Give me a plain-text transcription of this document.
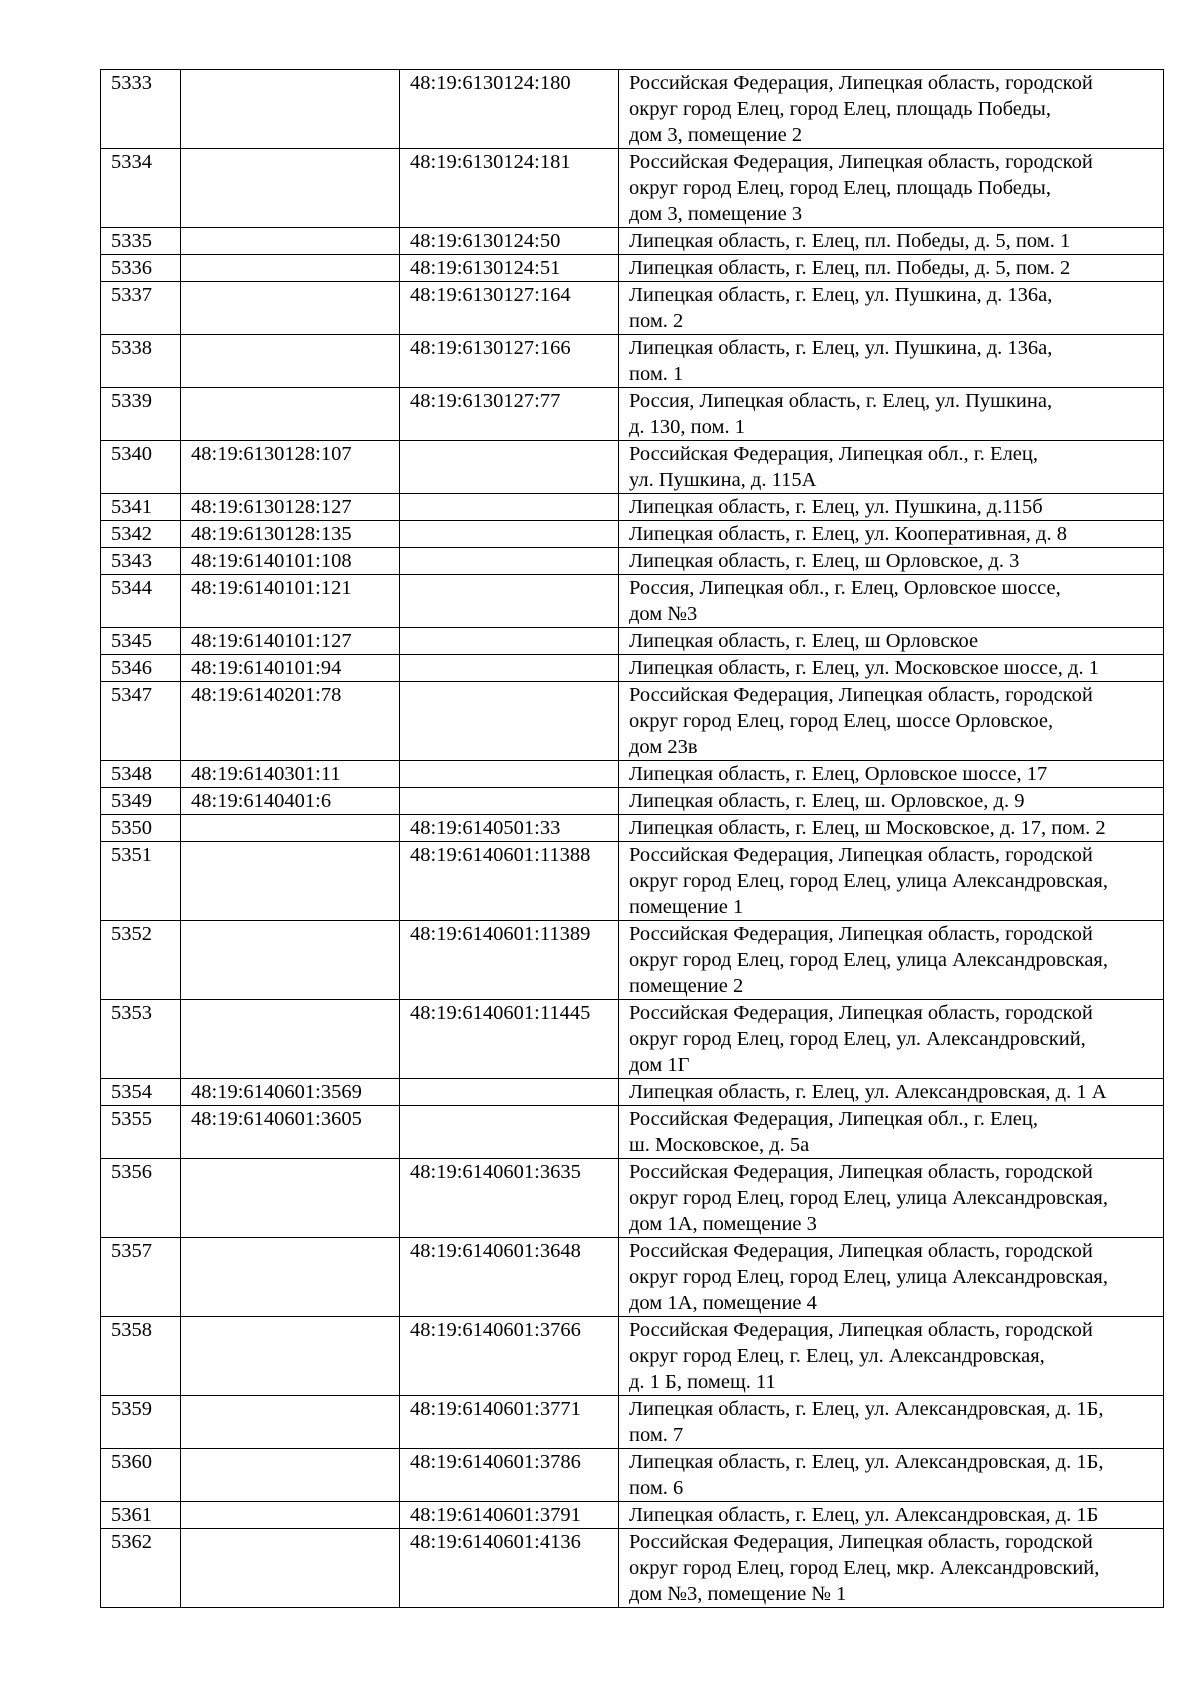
5333		48:19:6130124:180	Российская Федерация, Липецкая область, городской
округ город Елец, город Елец, площадь Победы,
дом 3, помещение 2
5334		48:19:6130124:181	Российская Федерация, Липецкая область, городской
округ город Елец, город Елец, площадь Победы,
дом 3, помещение 3
5335		48:19:6130124:50	Липецкая область, г. Елец, пл. Победы, д. 5, пом. 1
5336		48:19:6130124:51	Липецкая область, г. Елец, пл. Победы, д. 5, пом. 2
5337		48:19:6130127:164	Липецкая область, г. Елец, ул. Пушкина, д. 136а,
пом. 2
5338		48:19:6130127:166	Липецкая область, г. Елец, ул. Пушкина, д. 136а,
пом. 1
5339		48:19:6130127:77	Россия, Липецкая область, г. Елец, ул. Пушкина,
д. 130, пом. 1
5340	48:19:6130128:107		Российская Федерация, Липецкая обл., г. Елец,
ул. Пушкина, д. 115А
5341	48:19:6130128:127		Липецкая область, г. Елец, ул. Пушкина, д.115б
5342	48:19:6130128:135		Липецкая область, г. Елец, ул. Кооперативная, д. 8
5343	48:19:6140101:108		Липецкая область, г. Елец, ш Орловское, д. 3
5344	48:19:6140101:121		Россия, Липецкая обл., г. Елец, Орловское шоссе,
дом №3
5345	48:19:6140101:127		Липецкая область, г. Елец, ш Орловское
5346	48:19:6140101:94		Липецкая область, г. Елец, ул. Московское шоссе, д. 1
5347	48:19:6140201:78		Российская Федерация, Липецкая область, городской
округ город Елец, город Елец, шоссе Орловское,
дом 23в
5348	48:19:6140301:11		Липецкая область, г. Елец, Орловское шоссе, 17
5349	48:19:6140401:6		Липецкая область, г. Елец, ш. Орловское, д. 9
5350		48:19:6140501:33	Липецкая область, г. Елец, ш Московское, д. 17, пом. 2
5351		48:19:6140601:11388	Российская Федерация, Липецкая область, городской
округ город Елец, город Елец, улица Александровская,
помещение 1
5352		48:19:6140601:11389	Российская Федерация, Липецкая область, городской
округ город Елец, город Елец, улица Александровская,
помещение 2
5353		48:19:6140601:11445	Российская Федерация, Липецкая область, городской
округ город Елец, город Елец, ул. Александровский,
дом 1Г
5354	48:19:6140601:3569		Липецкая область, г. Елец, ул. Александровская, д. 1 А
5355	48:19:6140601:3605		Российская Федерация, Липецкая обл., г. Елец,
ш. Московское, д. 5а
5356		48:19:6140601:3635	Российская Федерация, Липецкая область, городской
округ город Елец, город Елец, улица Александровская,
дом 1А, помещение 3
5357		48:19:6140601:3648	Российская Федерация, Липецкая область, городской
округ город Елец, город Елец, улица Александровская,
дом 1А, помещение 4
5358		48:19:6140601:3766	Российская Федерация, Липецкая область, городской
округ город Елец, г. Елец, ул. Александровская,
д. 1 Б, помещ. 11
5359		48:19:6140601:3771	Липецкая область, г. Елец, ул. Александровская, д. 1Б,
пом. 7
5360		48:19:6140601:3786	Липецкая область, г. Елец, ул. Александровская, д. 1Б,
пом. 6
5361		48:19:6140601:3791	Липецкая область, г. Елец, ул. Александровская, д. 1Б
5362		48:19:6140601:4136	Российская Федерация, Липецкая область, городской
округ город Елец, город Елец, мкр. Александровский,
дом №3, помещение № 1
